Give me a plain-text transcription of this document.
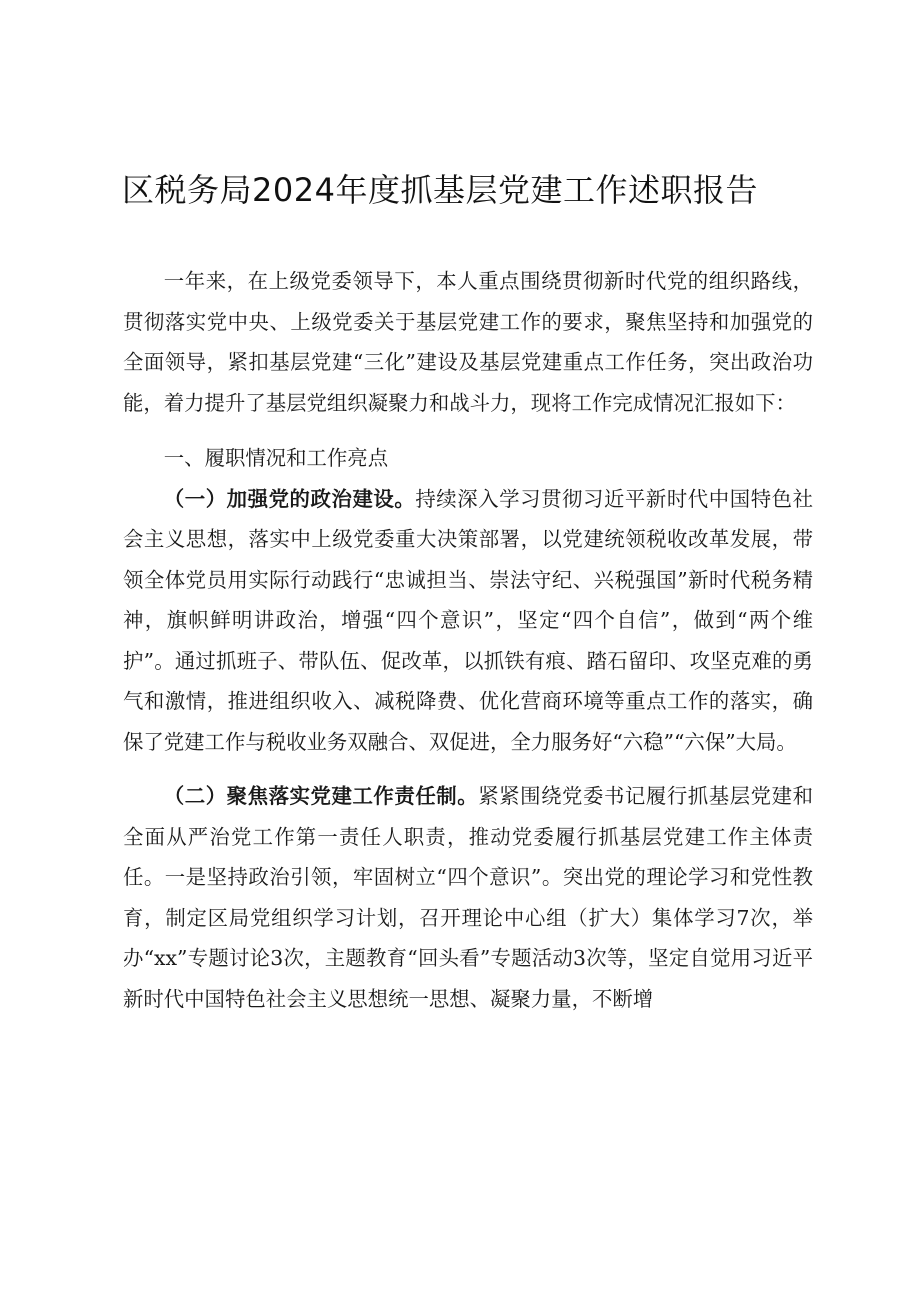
区税务局2024年度抓基层党建工作述职报告

一年来，在上级党委领导下，本人重点围绕贯彻新时代党的组织路线，贯彻落实党中央、上级党委关于基层党建工作的要求，聚焦坚持和加强党的全面领导，紧扣基层党建“三化”建设及基层党建重点工作任务，突出政治功能，着力提升了基层党组织凝聚力和战斗力，现将工作完成情况汇报如下：

一、履职情况和工作亮点

（一）加强党的政治建设。持续深入学习贯彻习近平新时代中国特色社会主义思想，落实中上级党委重大决策部署，以党建统领税收改革发展，带领全体党员用实际行动践行“忠诚担当、崇法守纪、兴税强国”新时代税务精神，旗帜鲜明讲政治，增强“四个意识”，坚定“四个自信”，做到“两个维护”。通过抓班子、带队伍、促改革，以抓铁有痕、踏石留印、攻坚克难的勇气和激情，推进组织收入、减税降费、优化营商环境等重点工作的落实，确保了党建工作与税收业务双融合、双促进，全力服务好“六稳”“六保”大局。

（二）聚焦落实党建工作责任制。紧紧围绕党委书记履行抓基层党建和全面从严治党工作第一责任人职责，推动党委履行抓基层党建工作主体责任。一是坚持政治引领，牢固树立“四个意识”。突出党的理论学习和党性教育，制定区局党组织学习计划，召开理论中心组（扩大）集体学习7次，举办“xx”专题讨论3次，主题教育“回头看”专题活动3次等，坚定自觉用习近平新时代中国特色社会主义思想统一思想、凝聚力量，不断增
